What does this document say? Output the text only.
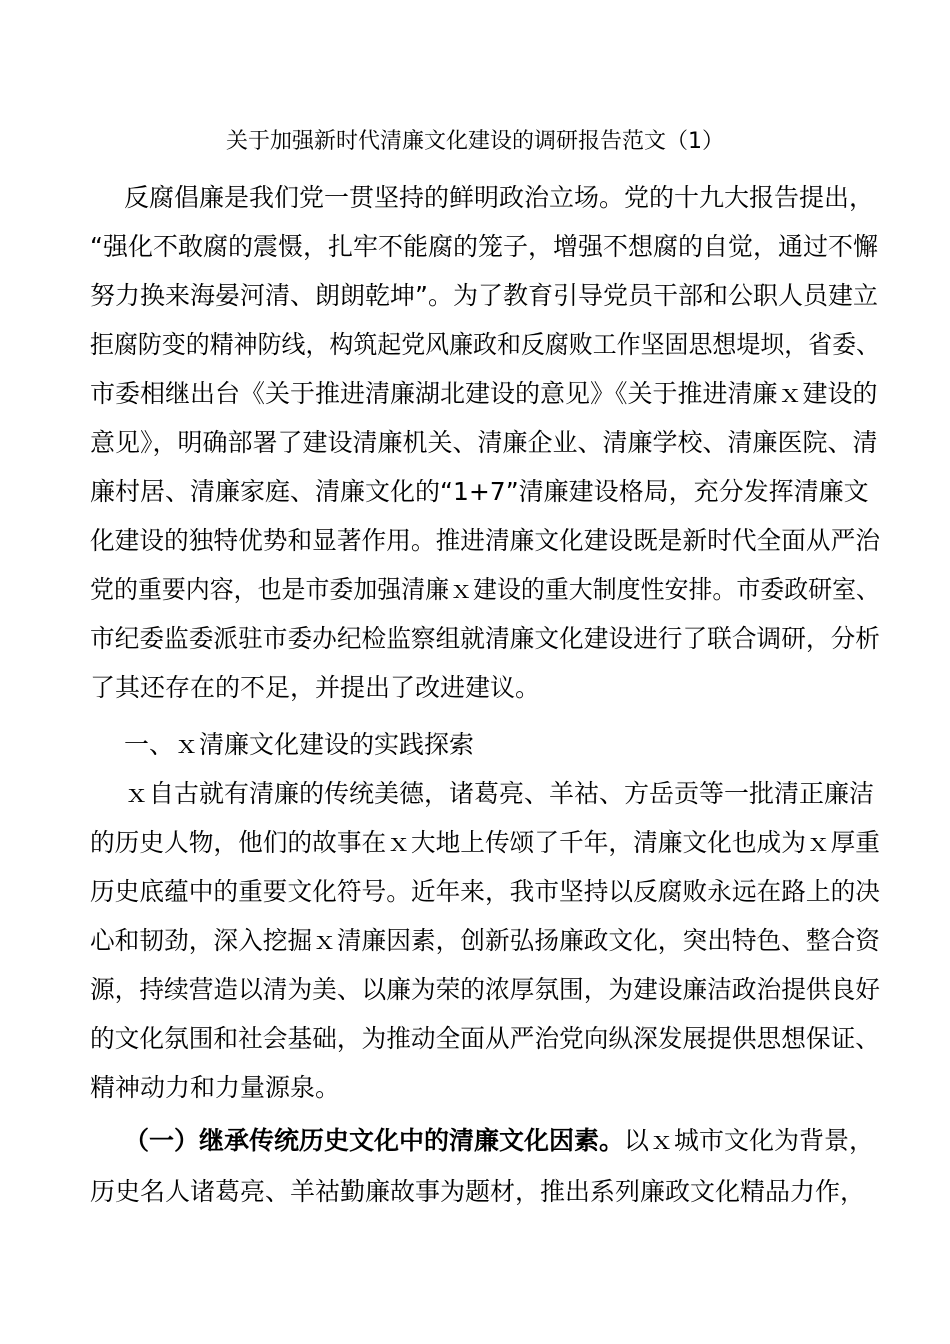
关于加强新时代清廉文化建设的调研报告范文（1）
反腐倡廉是我们党一贯坚持的鲜明政治立场。党的十九大报告提出，
“强化不敢腐的震慑，扎牢不能腐的笼子，增强不想腐的自觉，通过不懈
努力换来海晏河清、朗朗乾坤”。为了教育引导党员干部和公职人员建立
拒腐防变的精神防线，构筑起党风廉政和反腐败工作坚固思想堤坝，省委、
市委相继出台《关于推进清廉湖北建设的意见》《关于推进清廉ｘ建设的
意见》，明确部署了建设清廉机关、清廉企业、清廉学校、清廉医院、清
廉村居、清廉家庭、清廉文化的“1+7”清廉建设格局，充分发挥清廉文
化建设的独特优势和显著作用。推进清廉文化建设既是新时代全面从严治
党的重要内容，也是市委加强清廉ｘ建设的重大制度性安排。市委政研室、
市纪委监委派驻市委办纪检监察组就清廉文化建设进行了联合调研，分析
了其还存在的不足，并提出了改进建议。
一、ｘ清廉文化建设的实践探索
ｘ自古就有清廉的传统美德，诸葛亮、羊祜、方岳贡等一批清正廉洁
的历史人物，他们的故事在ｘ大地上传颂了千年，清廉文化也成为ｘ厚重
历史底蕴中的重要文化符号。近年来，我市坚持以反腐败永远在路上的决
心和韧劲，深入挖掘ｘ清廉因素，创新弘扬廉政文化，突出特色、整合资
源，持续营造以清为美、以廉为荣的浓厚氛围，为建设廉洁政治提供良好
的文化氛围和社会基础，为推动全面从严治党向纵深发展提供思想保证、
精神动力和力量源泉。
（一）继承传统历史文化中的清廉文化因素。以ｘ城市文化为背景，
历史名人诸葛亮、羊祜勤廉故事为题材，推出系列廉政文化精品力作，
